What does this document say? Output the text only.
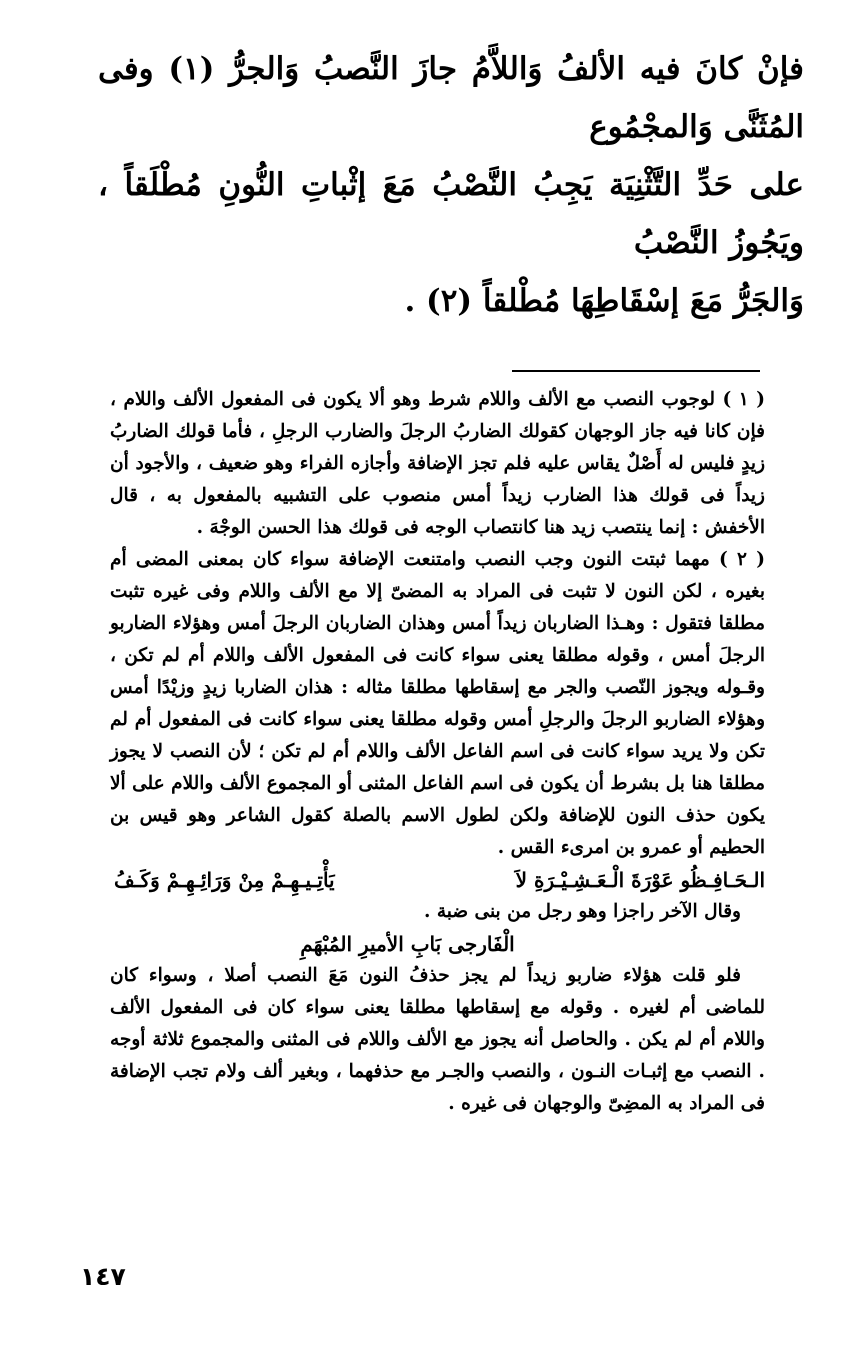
فإنْ كانَ فيه الألفُ وَاللاَّمُ جازَ النَّصبُ وَالجرُّ (١) وفى المُثَنَّى وَالمجْمُوع

على حَدِّ التَّثْنِيَة يَجِبُ النَّصْبُ مَعَ إثْباتِ النُّونِ مُطْلَقاً ، ويَجُوزُ النَّصْبُ

وَالجَرُّ مَعَ إسْقَاطِهَا مُطْلقاً (٢) .

( ١ ) لوجوب النصب مع الألف واللام شرط وهو ألا يكون فى المفعول الألف واللام ، فإن كانا فيه جاز الوجهان كقولك الضاربُ الرجلَ والضارب الرجلِ ، فأما قولك الضاربُ زيدٍ فليس له أَصْلٌ يقاس عليه فلم تجز الإضافة وأجازه الفراء وهو ضعيف ، والأجود أن زيداً فى قولك هذا الضارب زيداً أمس منصوب على التشبيه بالمفعول به ، قال الأخفش : إنما ينتصب زيد هنا كانتصاب الوجه فى قولك هذا الحسن الوجْهَ .

( ٢ ) مهما ثبتت النون وجب النصب وامتنعت الإضافة سواء كان بمعنى المضى أم بغيره ، لكن النون لا تثبت فى المراد به المضىّ إلا مع الألف واللام وفى غيره تثبت مطلقا فتقول : وهـذا الضاربان زيداً أمس وهذان الضاربان الرجلَ أمس وهؤلاء الضاربو الرجلَ أمس ، وقوله مطلقا يعنى سواء كانت فى المفعول الألف واللام أم لم تكن ، وقـوله ويجوز النّصب والجر مع إسقاطها مطلقا مثاله : هذان الضاربا زيدٍ وزيْدًا أمس وهؤلاء الضاربو الرجلَ والرجلِ أمس وقوله مطلقا يعنى سواء كانت فى المفعول أم لم تكن ولا يريد سواء كانت فى اسم الفاعل الألف واللام أم لم تكن ؛ لأن النصب لا يجوز مطلقا هنا بل بشرط أن يكون فى اسم الفاعل المثنى أو المجموع الألف واللام على ألا يكون حذف النون للإضافة ولكن لطول الاسم بالصلة كقول الشاعر وهو قيس بن الحطيم أو عمرو بن امرىء القس .

الـحَـافِـظُو عَوْرَةَ الْـعَـشِـيْـرَةِ لاَ
يَأْتِـيـهِـمْ مِنْ وَرَائِـهِـمْ وَكَـفُ

وقال الآخر راجزا وهو رجل من بنى ضبة .

الْفَارجى بَابِ الأميرِ المُبْهَمِ

فلو قلت هؤلاء ضاربو زيداً لم يجز حذفُ النون مَعَ النصب أصلا ، وسواء كان للماضى أم لغيره . وقوله مع إسقاطها مطلقا يعنى سواء كان فى المفعول الألف واللام أم لم يكن . والحاصل أنه يجوز مع الألف واللام فى المثنى والمجموع ثلاثة أوجه . النصب مع إثبـات النـون ، والنصب والجـر مع حذفهما ، وبغير ألف ولام تجب الإضافة فى المراد به المضِىّ والوجهان فى غيره .

١٤٧
